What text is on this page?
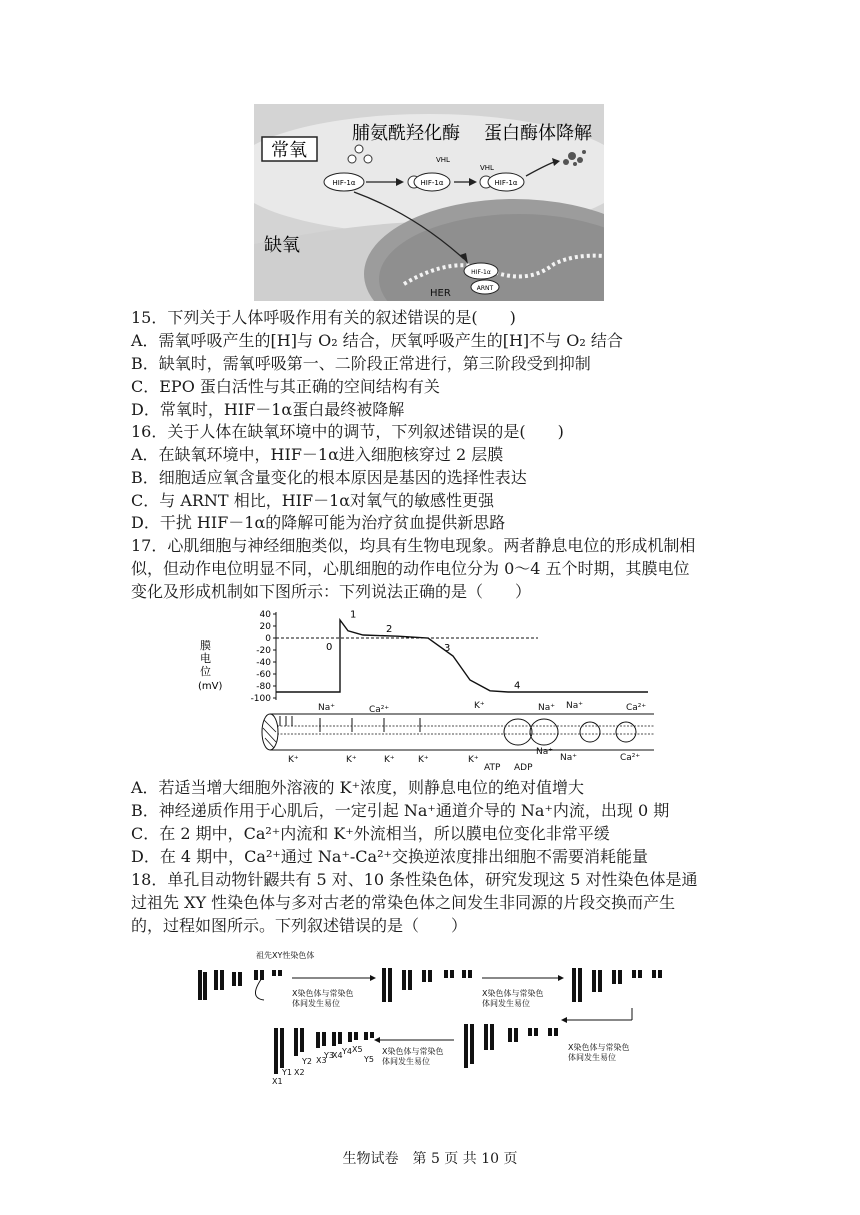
常氧
缺氧
脯氨酰羟化酶 蛋白酶体降解
HIF-1α	HIF-1α
VHL
HIF-1α
VHL
HIF-1α
ARNT
HER
15．下列关于人体呼吸作用有关的叙述错误的是(　　)
A．需氧呼吸产生的[H]与 O₂ 结合，厌氧呼吸产生的[H]不与 O₂ 结合
B．缺氧时，需氧呼吸第一、二阶段正常进行，第三阶段受到抑制
C．EPO 蛋白活性与其正确的空间结构有关
D．常氧时，HIF－1α蛋白最终被降解
16．关于人体在缺氧环境中的调节，下列叙述错误的是(　　)
A．在缺氧环境中，HIF－1α进入细胞核穿过 2 层膜
B．细胞适应氧含量变化的根本原因是基因的选择性表达
C．与 ARNT 相比，HIF－1α对氧气的敏感性更强
D．干扰 HIF－1α的降解可能为治疗贫血提供新思路
17．心肌细胞与神经细胞类似，均具有生物电现象。两者静息电位的形成机制相
似，但动作电位明显不同，心肌细胞的动作电位分为 0～4 五个时期，其膜电位
变化及形成机制如下图所示：下列说法正确的是（　　）
膜
电
位
(mV)
40
20
0
-20
-40
-60
-80
-100
0
1
2
3
4
Na⁺	Ca²⁺	K⁺	Na⁺ Na⁺	Ca²⁺
K⁺	K⁺	K⁺	K⁺	K⁺
Na⁺
Na⁺	Ca²⁺
ATP ADP
A．若适当增大细胞外溶液的 K⁺浓度，则静息电位的绝对值增大
B．神经递质作用于心肌后，一定引起 Na⁺通道介导的 Na⁺内流，出现 0 期
C．在 2 期中，Ca²⁺内流和 K⁺外流相当，所以膜电位变化非常平缓
D．在 4 期中，Ca²⁺通过 Na⁺-Ca²⁺交换逆浓度排出细胞不需要消耗能量
18．单孔目动物针鼹共有 5 对、10 条性染色体，研究发现这 5 对性染色体是通
过祖先 XY 性染色体与多对古老的常染色体之间发生非同源的片段交换而产生
的，过程如图所示。下列叙述错误的是（　　）
祖先XY性染色体
X染色体与常染色
体间发生易位
X染色体与常染色
体间发生易位
X染色体与常染色
体间发生易位
X染色体与常染色
体间发生易位
X1
Y1 X2
Y2 X3
Y3
X4 Y4 X5
Y5
生物试卷　第 5 页 共 10 页
